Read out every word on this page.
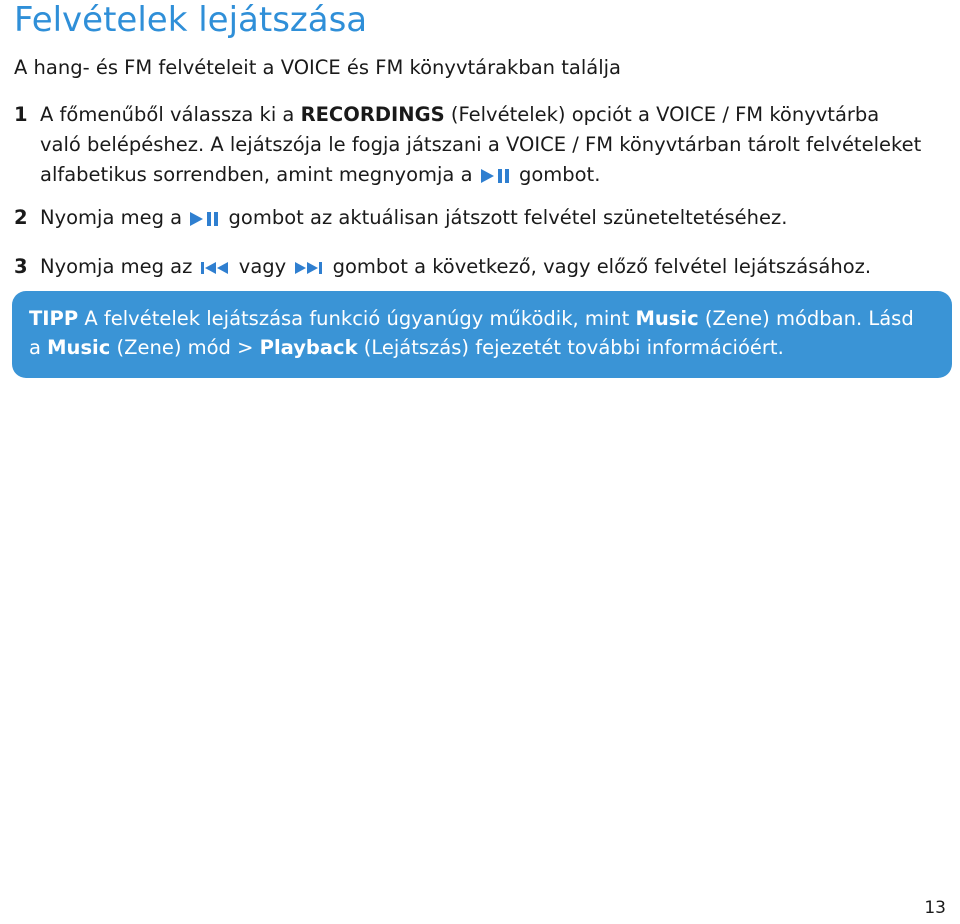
Felvételek lejátszása
A hang- és FM felvételeit a VOICE és FM könyvtárakban találja
1 A főmenűből válassza ki a RECORDINGS (Felvételek) opciót a VOICE / FM könyvtárba
való belépéshez. A lejátszója le fogja játszani a VOICE / FM könyvtárban tárolt felvételeket
alfabetikus sorrendben, amint megnyomja a gombot.
2 Nyomja meg a gombot az aktuálisan játszott felvétel szüneteltetéséhez.
3 Nyomja meg az vagy gombot a következő, vagy előző felvétel lejátszásához.
TIPP A felvételek lejátszása funkció úgyanúgy működik, mint Music (Zene) módban. Lásd
a Music (Zene) mód > Playback (Lejátszás) fejezetét további információért.
13
